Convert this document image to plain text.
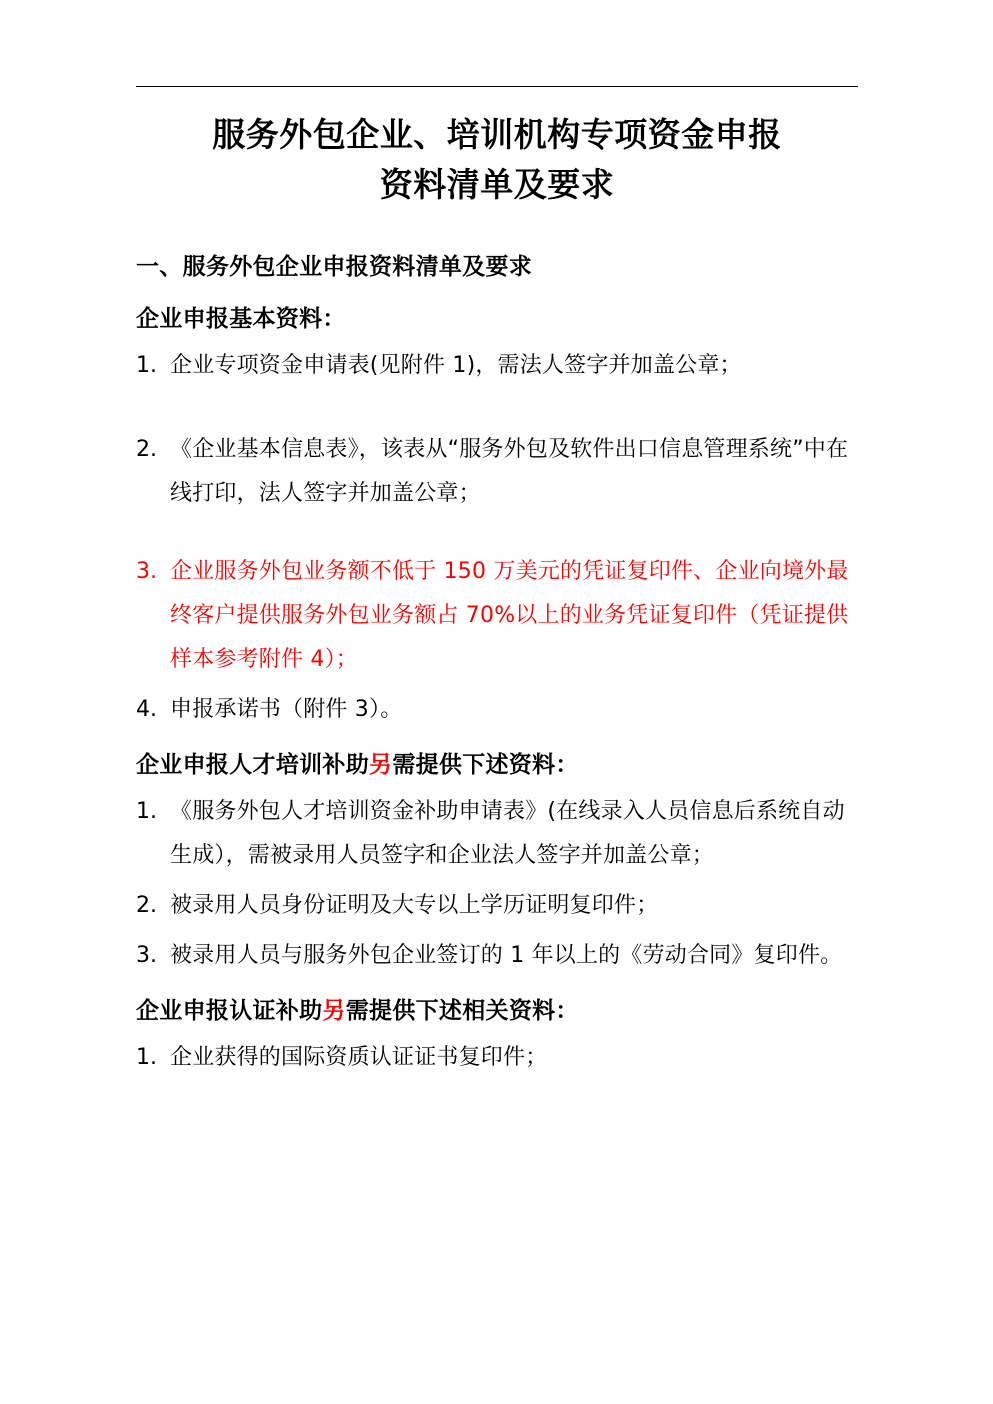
服务外包企业、培训机构专项资金申报
资料清单及要求
一、服务外包企业申报资料清单及要求
企业申报基本资料：
1. 企业专项资金申请表(见附件 1)，需法人签字并加盖公章；
2. 《企业基本信息表》，该表从“服务外包及软件出口信息管理系统”中在线打印，法人签字并加盖公章；
3. 企业服务外包业务额不低于 150 万美元的凭证复印件、企业向境外最终客户提供服务外包业务额占 70%以上的业务凭证复印件（凭证提供样本参考附件 4）；
4. 申报承诺书（附件 3）。
企业申报人才培训补助另需提供下述资料：
1. 《服务外包人才培训资金补助申请表》(在线录入人员信息后系统自动生成），需被录用人员签字和企业法人签字并加盖公章；
2. 被录用人员身份证明及大专以上学历证明复印件；
3. 被录用人员与服务外包企业签订的 1 年以上的《劳动合同》复印件。
企业申报认证补助另需提供下述相关资料：
1. 企业获得的国际资质认证证书复印件；
